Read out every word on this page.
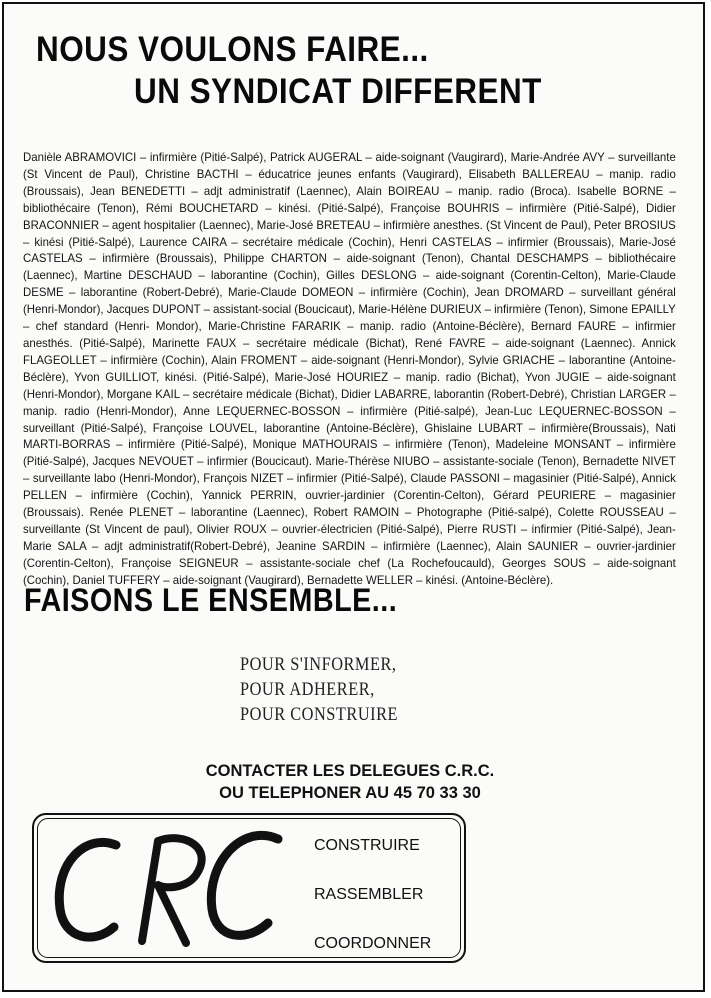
NOUS VOULONS FAIRE...
UN SYNDICAT DIFFERENT
Danièle ABRAMOVICI – infirmière (Pitié-Salpé), Patrick AUGERAL – aide-soignant (Vaugirard), Marie-Andrée AVY – surveillante (St Vincent de Paul), Christine BACTHI – éducatrice jeunes enfants (Vaugirard), Elisabeth BALLEREAU – manip. radio (Broussais), Jean BENEDETTI – adjt administratif (Laennec), Alain BOIREAU – manip. radio (Broca). Isabelle BORNE – bibliothécaire (Tenon), Rémi BOUCHETARD – kinési. (Pitié-Salpé), Françoise BOUHRIS – infirmière (Pitié-Salpé), Didier BRACONNIER – agent hospitalier (Laennec), Marie-José BRETEAU – infirmière anesthes. (St Vincent de Paul), Peter BROSIUS – kinési (Pitié-Salpé), Laurence CAIRA – secrétaire médicale (Cochin), Henri CASTELAS – infirmier (Broussais), Marie-José CASTELAS – infirmière (Broussais), Philippe CHARTON – aide-soignant (Tenon), Chantal DESCHAMPS – bibliothécaire (Laennec), Martine DESCHAUD – laborantine (Cochin), Gilles DESLONG – aide-soignant (Corentin-Celton), Marie-Claude DESME – laborantine (Robert-Debré), Marie-Claude DOMEON – infirmière (Cochin), Jean DROMARD – surveillant général (Henri-Mondor), Jacques DUPONT – assistant-social (Boucicaut), Marie-Hélène DURIEUX – infirmière (Tenon), Simone EPAILLY – chef standard (Henri- Mondor), Marie-Christine FARARIK – manip. radio (Antoine-Béclère), Bernard FAURE – infirmier anesthés. (Pitié-Salpé), Marinette FAUX – secrétaire médicale (Bichat), René FAVRE – aide-soignant (Laennec). Annick FLAGEOLLET – infirmière (Cochin), Alain FROMENT – aide-soignant (Henri-Mondor), Sylvie GRIACHE – laborantine (Antoine-Béclère), Yvon GUILLIOT, kinési. (Pitié-Salpé), Marie-José HOURIEZ – manip. radio (Bichat), Yvon JUGIE – aide-soignant (Henri-Mondor), Morgane KAIL – secrétaire médicale (Bichat), Didier LABARRE, laborantin (Robert-Debré), Christian LARGER – manip. radio (Henri-Mondor), Anne LEQUERNEC-BOSSON – infirmière (Pitié-salpé), Jean-Luc LEQUERNEC-BOSSON – surveillant (Pitié-Salpé), Françoise LOUVEL, laborantine (Antoine-Béclère), Ghislaine LUBART – infirmière(Broussais), Nati MARTI-BORRAS – infirmière (Pitié-Salpé), Monique MATHOURAIS – infirmière (Tenon), Madeleine MONSANT – infirmière (Pitié-Salpé), Jacques NEVOUET – infirmier (Boucicaut). Marie-Thérèse NIUBO – assistante-sociale (Tenon), Bernadette NIVET – surveillante labo (Henri-Mondor), François NIZET – infirmier (Pitié-Salpé), Claude PASSONI – magasinier (Pitié-Salpé), Annick PELLEN – infirmière (Cochin), Yannick PERRIN, ouvrier-jardinier (Corentin-Celton), Gérard PEURIERE – magasinier (Broussais). Renée PLENET – laborantine (Laennec), Robert RAMOIN – Photographe (Pitié-salpé), Colette ROUSSEAU – surveillante (St Vincent de paul), Olivier ROUX – ouvrier-électricien (Pitié-Salpé), Pierre RUSTI – infirmier (Pitié-Salpé), Jean-Marie SALA – adjt administratif(Robert-Debré), Jeanine SARDIN – infirmière (Laennec), Alain SAUNIER – ouvrier-jardinier (Corentin-Celton), Françoise SEIGNEUR – assistante-sociale chef (La Rochefoucauld), Georges SOUS – aide-soignant (Cochin), Daniel TUFFERY – aide-soignant (Vaugirard), Bernadette WELLER – kinési. (Antoine-Béclère).
FAISONS LE ENSEMBLE...
POUR S'INFORMER,
POUR ADHERER,
POUR CONSTRUIRE
CONTACTER LES DELEGUES C.R.C.
OU TELEPHONER AU 45 70 33 30
CONSTRUIRE
RASSEMBLER
COORDONNER
